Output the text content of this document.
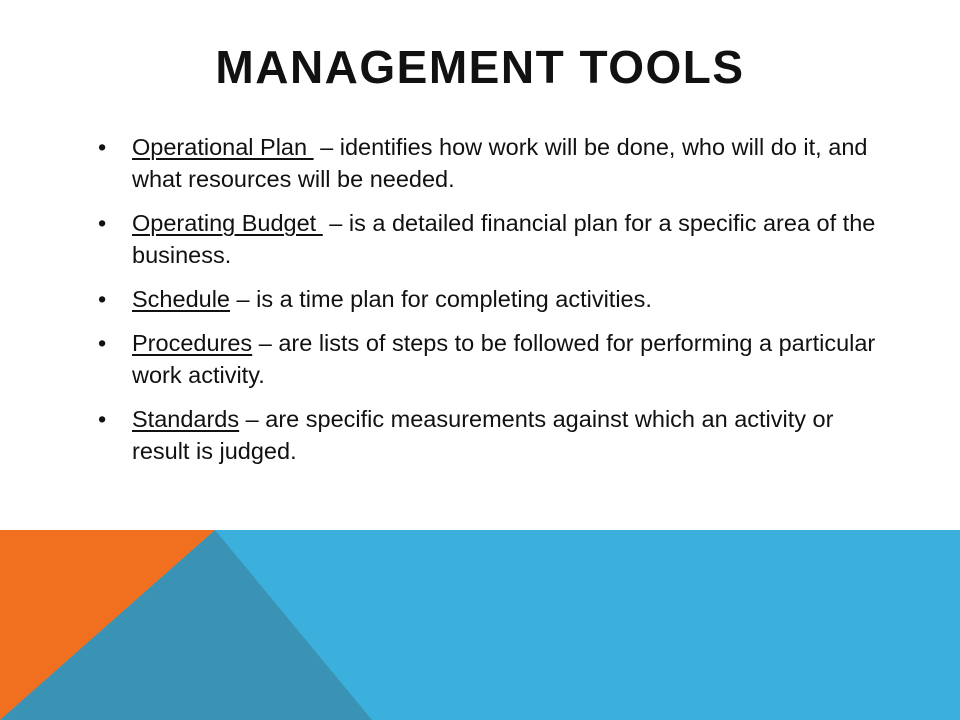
MANAGEMENT TOOLS
•	Operational Plan  – identifies how work will be done, who will do it, and what resources will be needed.
•	Operating Budget  – is a detailed financial plan for a specific area of the business.
•	Schedule – is a time plan for completing activities.
•	Procedures – are lists of steps to be followed for performing a particular work activity.
•	Standards – are specific measurements against which an activity or result is judged.
